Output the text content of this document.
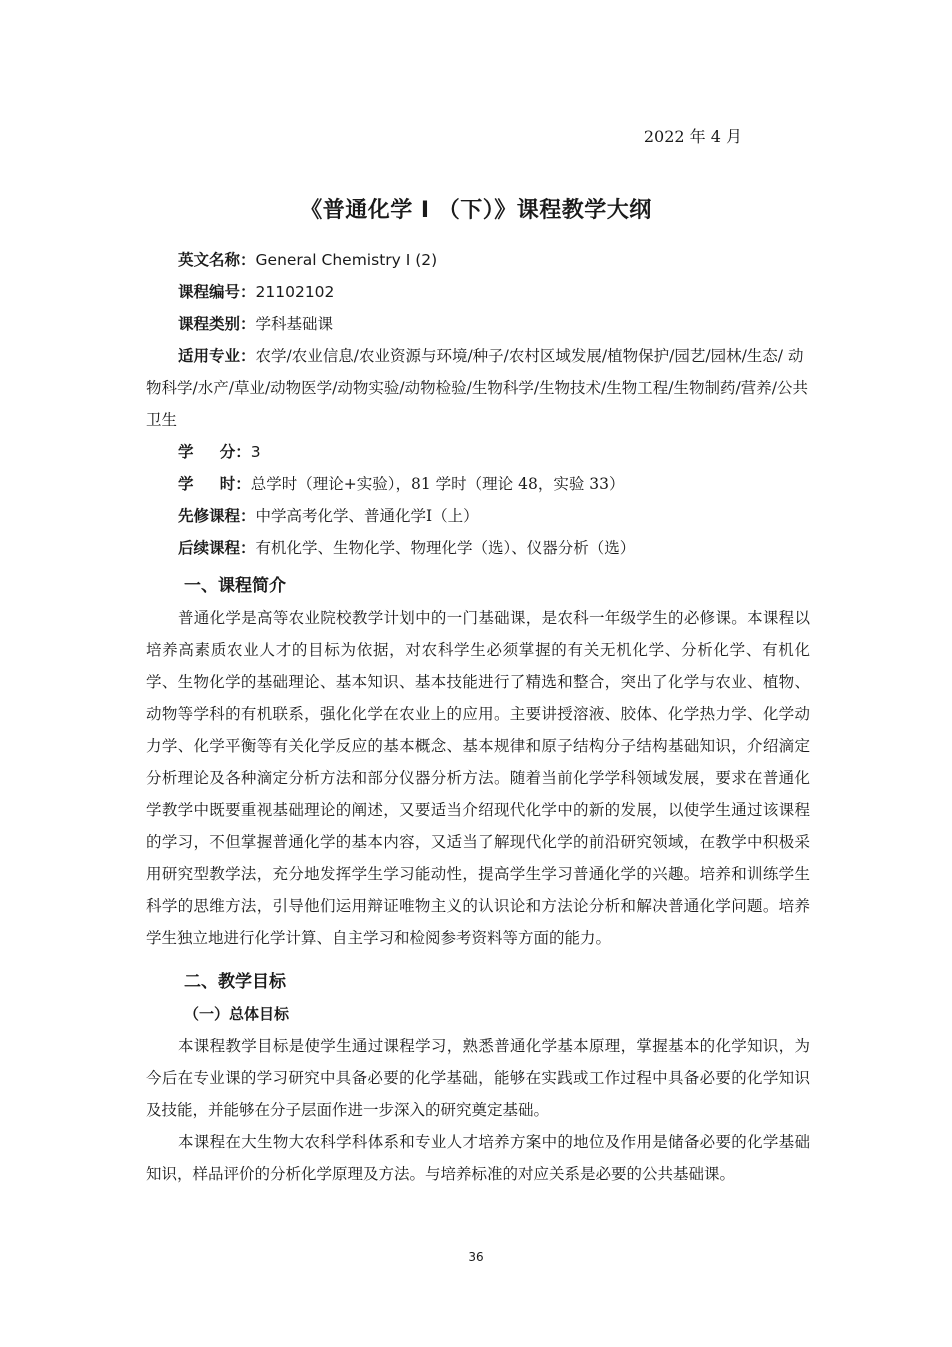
2022 年 4 月
《普通化学 I （下）》课程教学大纲
英文名称：General Chemistry I (2)
课程编号：21102102
课程类别：学科基础课
适用专业：农学/农业信息/农业资源与环境/种子/农村区域发展/植物保护/园艺/园林/生态/ 动物科学/水产/草业/动物医学/动物实验/动物检验/生物科学/生物技术/生物工程/生物制药/营养/公共卫生
学 　 分：3
学 　 时：总学时（理论+实验），81 学时（理论 48，实验 33）
先修课程：中学高考化学、普通化学Ⅰ（上）
后续课程：有机化学、生物化学、物理化学（选）、仪器分析（选）
一、课程简介
普通化学是高等农业院校教学计划中的一门基础课，是农科一年级学生的必修课。本课程以培养高素质农业人才的目标为依据，对农科学生必须掌握的有关无机化学、分析化学、有机化学、生物化学的基础理论、基本知识、基本技能进行了精选和整合，突出了化学与农业、植物、动物等学科的有机联系，强化化学在农业上的应用。主要讲授溶液、胶体、化学热力学、化学动力学、化学平衡等有关化学反应的基本概念、基本规律和原子结构分子结构基础知识，介绍滴定分析理论及各种滴定分析方法和部分仪器分析方法。随着当前化学学科领域发展，要求在普通化学教学中既要重视基础理论的阐述，又要适当介绍现代化学中的新的发展，以使学生通过该课程的学习，不但掌握普通化学的基本内容，又适当了解现代化学的前沿研究领域，在教学中积极采用研究型教学法，充分地发挥学生学习能动性，提高学生学习普通化学的兴趣。培养和训练学生科学的思维方法，引导他们运用辩证唯物主义的认识论和方法论分析和解决普通化学问题。培养学生独立地进行化学计算、自主学习和检阅参考资料等方面的能力。
二、教学目标
（一）总体目标
本课程教学目标是使学生通过课程学习，熟悉普通化学基本原理，掌握基本的化学知识，为今后在专业课的学习研究中具备必要的化学基础，能够在实践或工作过程中具备必要的化学知识及技能，并能够在分子层面作进一步深入的研究奠定基础。
本课程在大生物大农科学科体系和专业人才培养方案中的地位及作用是储备必要的化学基础知识，样品评价的分析化学原理及方法。与培养标准的对应关系是必要的公共基础课。
36
